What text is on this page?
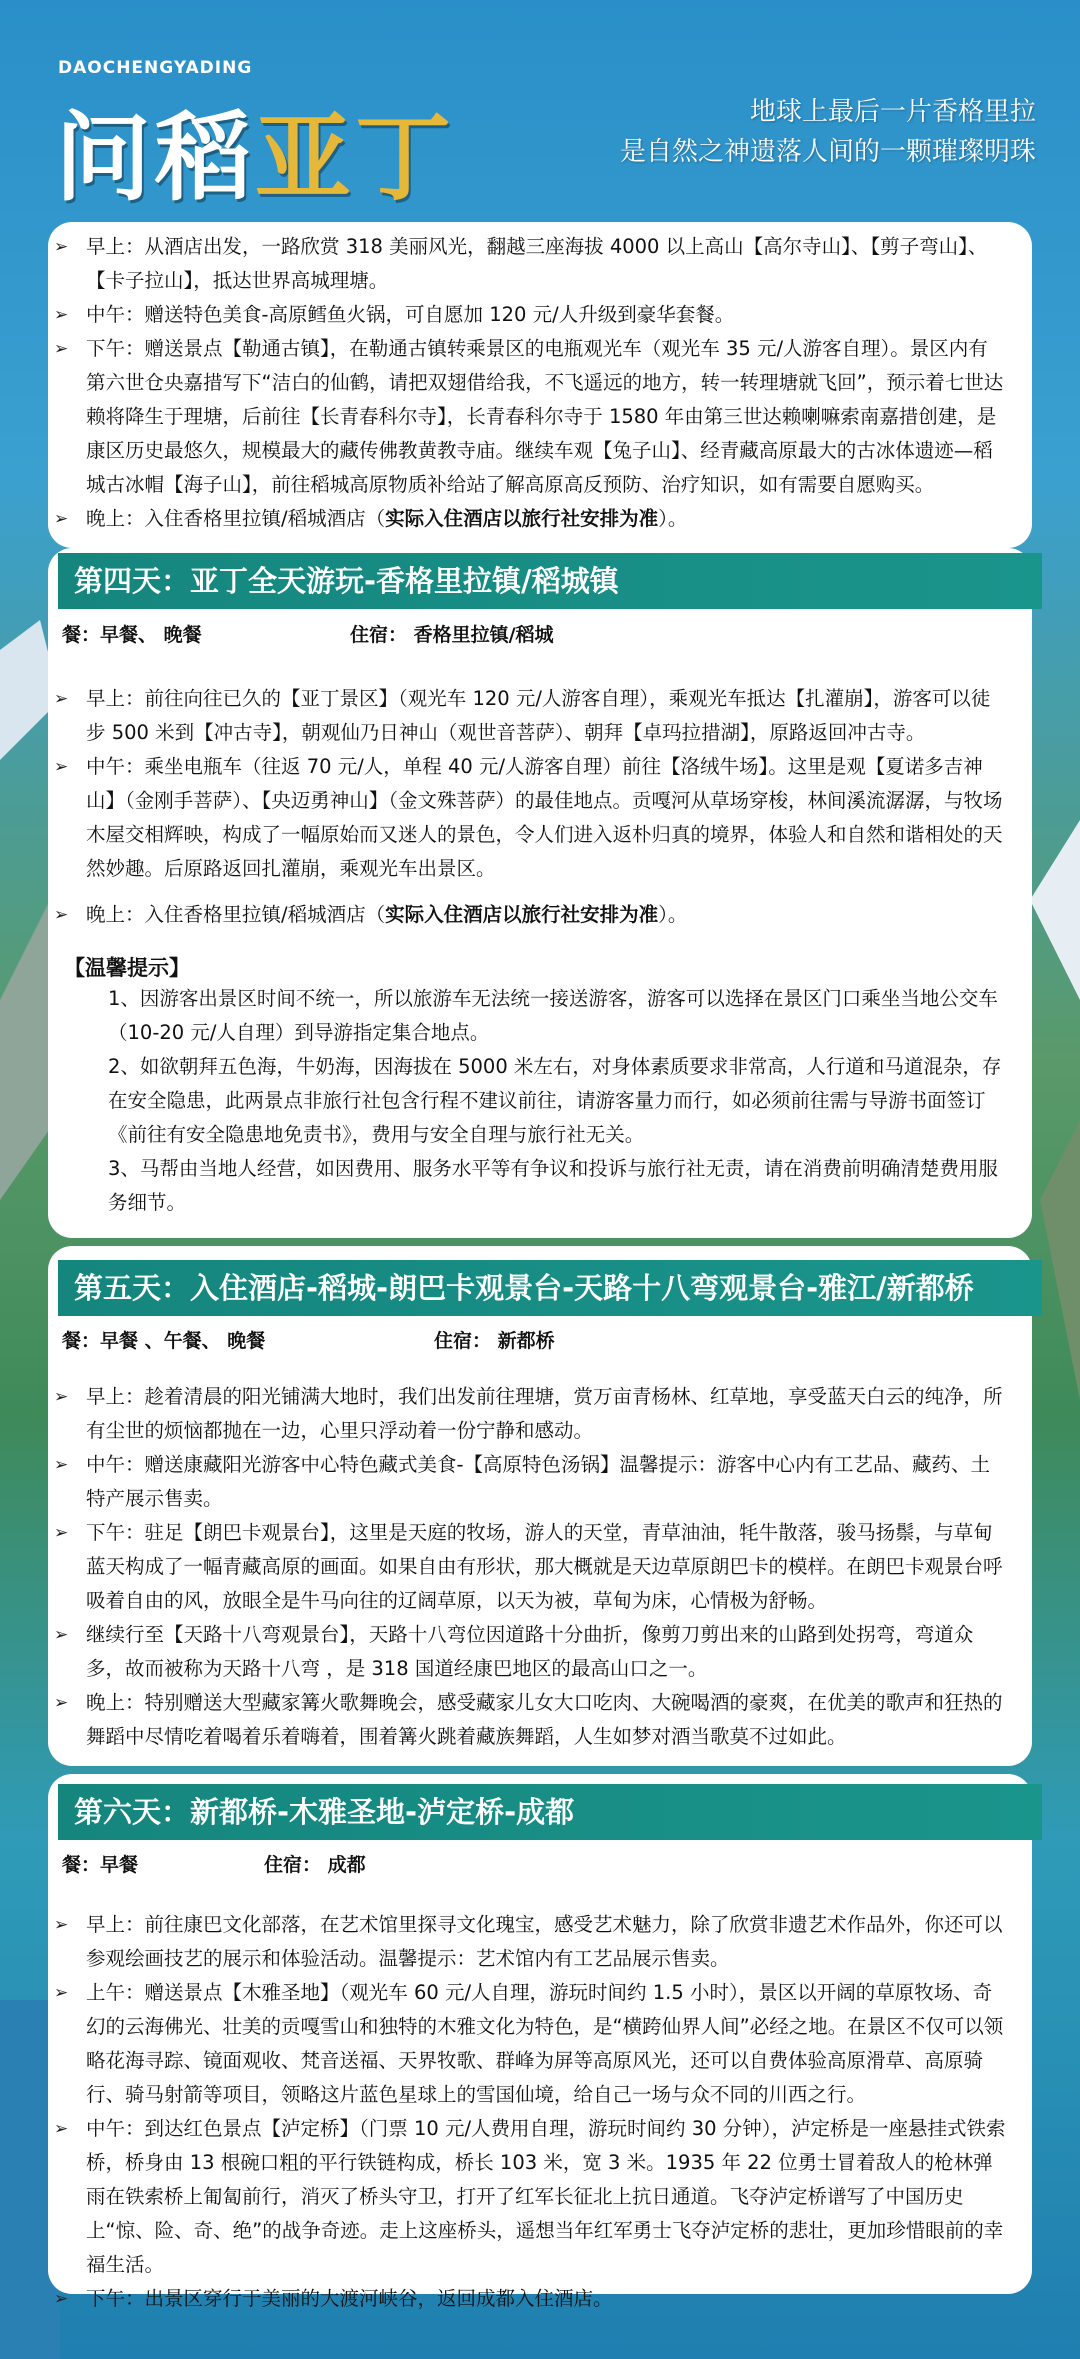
DAOCHENGYADING
问稻亚丁	地球上最后一片香格里拉
是自然之神遗落人间的一颗璀璨明珠
➢ 早上：从酒店出发，一路欣赏 318 美丽风光，翻越三座海拔 4000 以上高山【高尔寺山】、【剪子弯山】、【卡子拉山】，抵达世界高城理塘。
➢ 中午：赠送特色美食-高原鳕鱼火锅，可自愿加 120 元/人升级到豪华套餐。
➢ 下午：赠送景点【勒通古镇】，在勒通古镇转乘景区的电瓶观光车（观光车 35 元/人游客自理）。景区内有第六世仓央嘉措写下“洁白的仙鹤，请把双翅借给我，不飞遥远的地方，转一转理塘就飞回”，预示着七世达赖将降生于理塘，后前往【长青春科尔寺】，长青春科尔寺于 1580 年由第三世达赖喇嘛索南嘉措创建，是康区历史最悠久，规模最大的藏传佛教黄教寺庙。继续车观【兔子山】、经青藏高原最大的古冰体遗迹—稻城古冰帽【海子山】，前往稻城高原物质补给站了解高原高反预防、治疗知识，如有需要自愿购买。
➢ 晚上：入住香格里拉镇/稻城酒店（实际入住酒店以旅行社安排为准）。
餐：早餐、 晚餐	住宿： 香格里拉镇/稻城
➢ 早上：前往向往已久的【亚丁景区】（观光车 120 元/人游客自理），乘观光车抵达【扎灌崩】，游客可以徒步 500 米到【冲古寺】，朝观仙乃日神山（观世音菩萨）、朝拜【卓玛拉措湖】，原路返回冲古寺。
➢ 中午：乘坐电瓶车（往返 70 元/人，单程 40 元/人游客自理）前往【洛绒牛场】。这里是观【夏诺多吉神山】（金刚手菩萨）、【央迈勇神山】（金文殊菩萨）的最佳地点。贡嘎河从草场穿梭，林间溪流潺潺，与牧场木屋交相辉映，构成了一幅原始而又迷人的景色，令人们进入返朴归真的境界，体验人和自然和谐相处的天然妙趣。后原路返回扎灌崩，乘观光车出景区。
➢ 晚上：入住香格里拉镇/稻城酒店（实际入住酒店以旅行社安排为准）。
【温馨提示】
1、因游客出景区时间不统一，所以旅游车无法统一接送游客，游客可以选择在景区门口乘坐当地公交车（10-20 元/人自理）到导游指定集合地点。
2、如欲朝拜五色海，牛奶海，因海拔在 5000 米左右，对身体素质要求非常高，人行道和马道混杂，存在安全隐患，此两景点非旅行社包含行程不建议前往，请游客量力而行，如必须前往需与导游书面签订《前往有安全隐患地免责书》，费用与安全自理与旅行社无关。
3、马帮由当地人经营，如因费用、服务水平等有争议和投诉与旅行社无责，请在消费前明确清楚费用服务细节。
第四天：亚丁全天游玩-香格里拉镇/稻城镇
餐：早餐 、午餐、 晚餐	住宿： 新都桥
➢ 早上：趁着清晨的阳光铺满大地时，我们出发前往理塘，赏万亩青杨林、红草地，享受蓝天白云的纯净，所有尘世的烦恼都抛在一边，心里只浮动着一份宁静和感动。
➢ 中午：赠送康藏阳光游客中心特色藏式美食-【高原特色汤锅】温馨提示：游客中心内有工艺品、藏药、土特产展示售卖。
➢ 下午：驻足【朗巴卡观景台】，这里是天庭的牧场，游人的天堂，青草油油，牦牛散落，骏马扬鬃，与草甸蓝天构成了一幅青藏高原的画面。如果自由有形状，那大概就是天边草原朗巴卡的模样。在朗巴卡观景台呼吸着自由的风，放眼全是牛马向往的辽阔草原，以天为被，草甸为床，心情极为舒畅。
➢ 继续行至【天路十八弯观景台】，天路十八弯位因道路十分曲折，像剪刀剪出来的山路到处拐弯，弯道众多，故而被称为天路十八弯 ，是 318 国道经康巴地区的最高山口之一。
➢ 晚上：特别赠送大型藏家篝火歌舞晚会，感受藏家儿女大口吃肉、大碗喝酒的豪爽，在优美的歌声和狂热的舞蹈中尽情吃着喝着乐着嗨着，围着篝火跳着藏族舞蹈，人生如梦对酒当歌莫不过如此。
第五天：入住酒店-稻城-朗巴卡观景台-天路十八弯观景台-雅江/新都桥
餐：早餐	住宿： 成都
➢ 早上：前往康巴文化部落，在艺术馆里探寻文化瑰宝，感受艺术魅力，除了欣赏非遗艺术作品外，你还可以参观绘画技艺的展示和体验活动。温馨提示：艺术馆内有工艺品展示售卖。
➢ 上午：赠送景点【木雅圣地】（观光车 60 元/人自理，游玩时间约 1.5 小时），景区以开阔的草原牧场、奇幻的云海佛光、壮美的贡嘎雪山和独特的木雅文化为特色，是“横跨仙界人间”必经之地。在景区不仅可以领略花海寻踪、镜面观收、梵音送福、天界牧歌、群峰为屏等高原风光，还可以自费体验高原滑草、高原骑行、骑马射箭等项目，领略这片蓝色星球上的雪国仙境，给自己一场与众不同的川西之行。
➢ 中午：到达红色景点【泸定桥】（门票 10 元/人费用自理，游玩时间约 30 分钟），泸定桥是一座悬挂式铁索桥，桥身由 13 根碗口粗的平行铁链构成，桥长 103 米，宽 3 米。1935 年 22 位勇士冒着敌人的枪林弹雨在铁索桥上匍匐前行，消灭了桥头守卫，打开了红军长征北上抗日通道。飞夺泸定桥谱写了中国历史上“惊、险、奇、绝”的战争奇迹。走上这座桥头，遥想当年红军勇士飞夺泸定桥的悲壮，更加珍惜眼前的幸福生活。
➢ 下午：出景区穿行于美丽的大渡河峡谷，返回成都入住酒店。
第六天：新都桥-木雅圣地-泸定桥-成都
